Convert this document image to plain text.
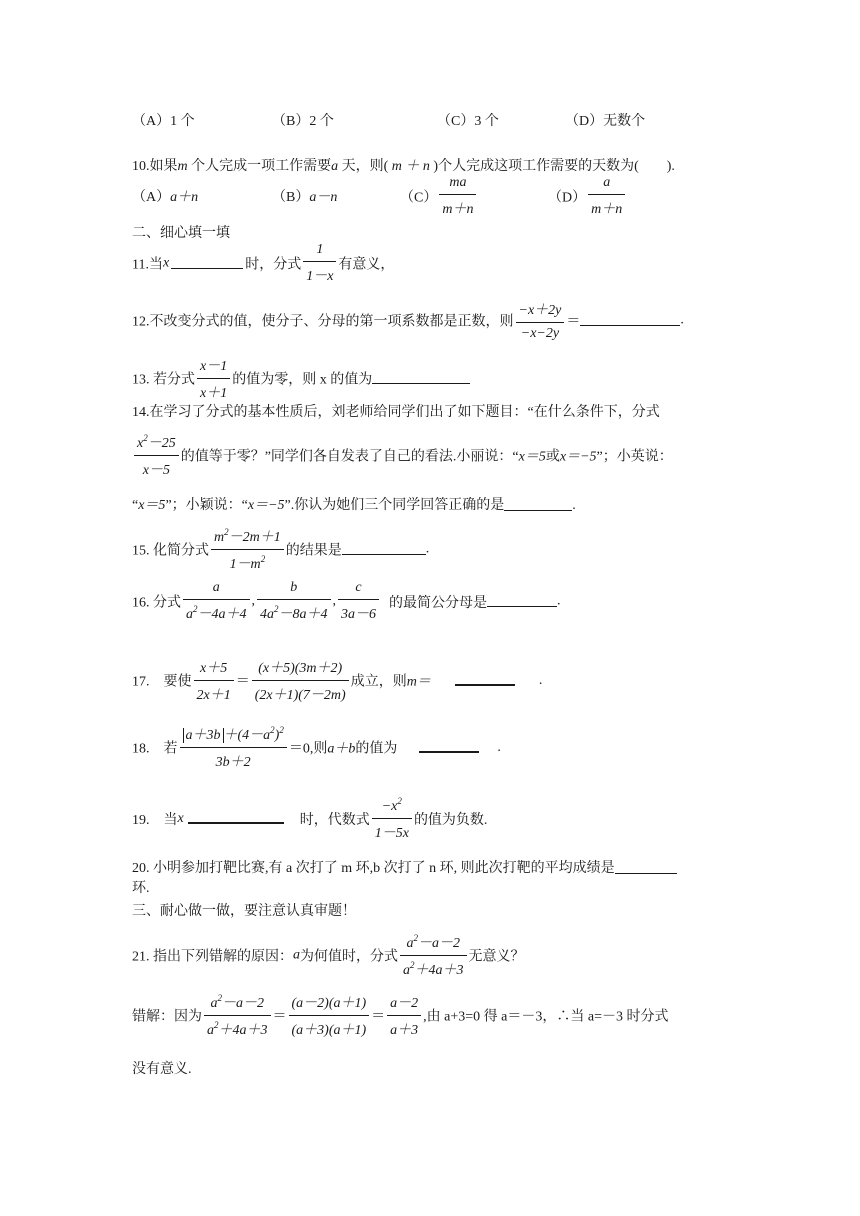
（A）1 个	（B）2 个	（C）3 个	（D）无数个
10.如果m 个人完成一项工作需要a 天，则( m ＋ n )个人完成这项工作需要的天数为(　　).
（A）a＋n	（B）a－n	$(C) \frac{ma}{m+n}$	$(D) \frac{a}{m+n}$
二、细心填一填
11.当x	时，分式 $\frac{1}{1-x}$ 有意义，
12.不改变分式的值，使分子、分母的第一项系数都是正数，则 $\frac{-x+2y}{-x-2y}$ ＝	.
13. 若分式 $\frac{x-1}{x+1}$ 的值为零，则 x 的值为
14.在学习了分式的基本性质后，刘老师给同学们出了如下题目：“在什么条件下，分式
$\frac{x^2-25}{x-5}$ 的值等于零？”同学们各自发表了自己的看法.小丽说：“x＝5或x＝−5”；小英说：
“x＝5”；小颖说：“x＝−5”.你认为她们三个同学回答正确的是	.
15. 化简分式 $\frac{m^2-2m+1}{1-m^2}$ 的结果是	.
16. 分式 $\frac{a}{a^2-4a+4}$ , $\frac{b}{4a^2-8a+4}$ , $\frac{c}{3a-6}$ 的最简公分母是	.
17.　要使 $\frac{x+5}{2x+1} = \frac{(x+5)(3m+2)}{(2x+1)(7-2m)}$ 成立，则m＝	.
18.　若 $\frac{a+3b +(4-a^2)^2}{3b+2} =0$,则a＋b的值为	.
19.　当x	时，代数式 $\frac{-x^2}{1-5x}$ 的值为负数.
20. 小明参加打靶比赛,有 a 次打了 m 环,b 次打了 n 环, 则此次打靶的平均成绩是
环.
三、耐心做一做，要注意认真审题！
21. 指出下列错解的原因：a为何值时，分式 $\frac{a^2-a-2}{a^2+4a+3}$ 无意义？
错解：因为 $\frac{a^2-a-2}{a^2+4a+3} = \frac{(a-2)(a+1)}{(a+3)(a+1)} = \frac{a-2}{a+3}$ ,由 a+3=0 得 a＝－3，∴当 a=－3 时分式
没有意义.
